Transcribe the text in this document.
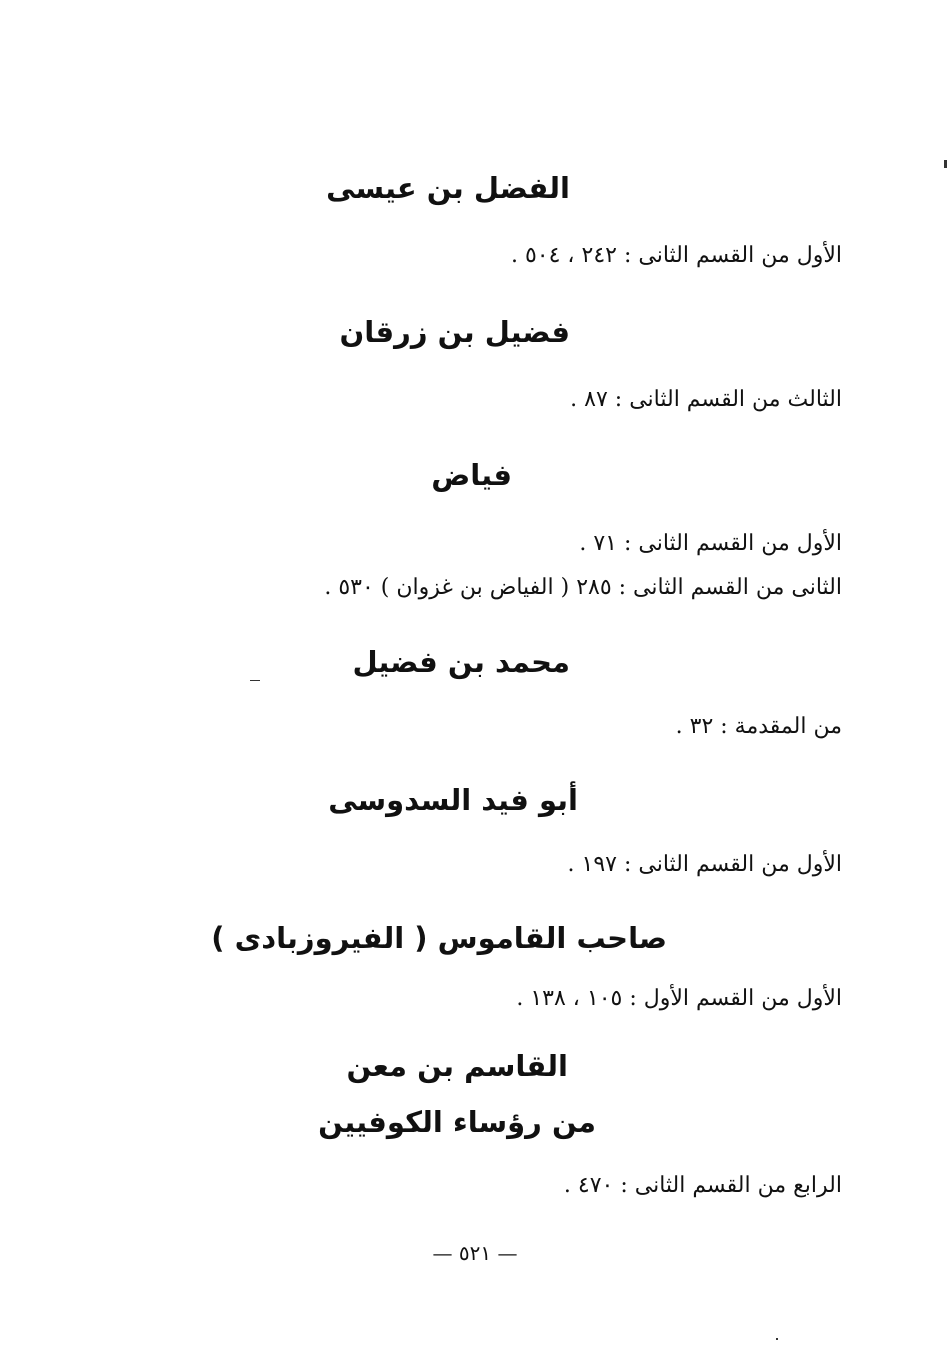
الفضل بن عيسى
الأول من القسم الثانى : ٢٤٢ ، ٥٠٤ .
فضيل بن زرقان
الثالث من القسم الثانى : ٨٧ .
فياض
الأول من القسم الثانى : ٧١ .
الثانى من القسم الثانى : ٢٨٥ ( الفياض بن غزوان ) ٥٣٠ .
محمد بن فضيل
من المقدمة : ٣٢ .
أبو فيد السدوسى
الأول من القسم الثانى : ١٩٧ .
صاحب القاموس ( الفيروزبادى )
الأول من القسم الأول : ١٠٥ ، ١٣٨ .
القاسم بن معن
من رؤساء الكوفيين
الرابع من القسم الثانى : ٤٧٠ .
— ٥٢١ —
